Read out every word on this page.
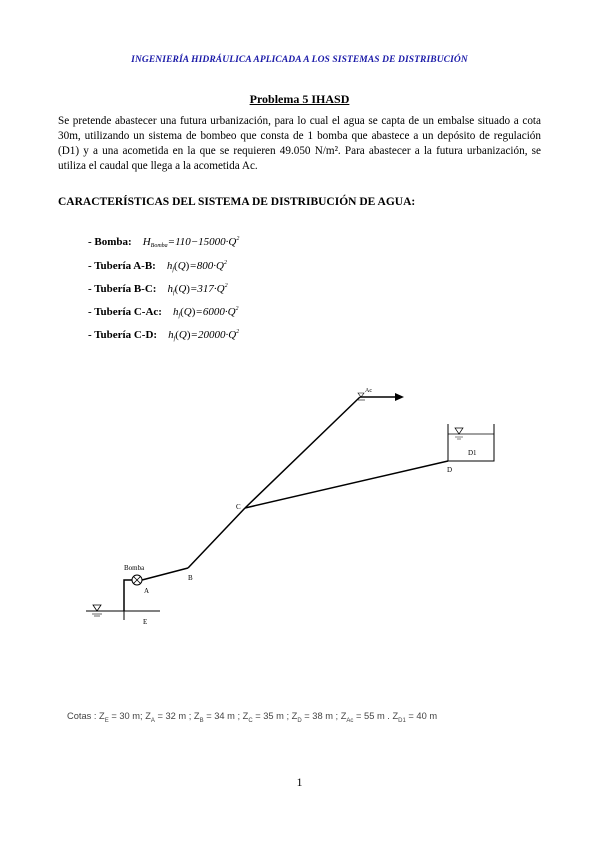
INGENIERÍA HIDRÁULICA APLICADA A LOS SISTEMAS DE DISTRIBUCIÓN
Problema 5 IHASD
Se pretende abastecer una futura urbanización, para lo cual el agua se capta de un embalse situado a cota 30m, utilizando un sistema de bombeo que consta de 1 bomba que abastece a un depósito de regulación (D1) y a una acometida en la que se requieren 49.050 N/m². Para abastecer a la futura urbanización, se utiliza el caudal que llega a la acometida Ac.
CARACTERÍSTICAS DEL SISTEMA DE DISTRIBUCIÓN DE AGUA:
- Bomba: $H_{Bomba}=110-15000\cdot Q^2$
- Tubería A-B: $h_f(Q)=800\cdot Q^2$
- Tubería B-C: $h_f(Q)=317\cdot Q^2$
- Tubería C-Ac: $h_f(Q)=6000\cdot Q^2$
- Tubería C-D: $h_f(Q)=20000\cdot Q^2$
E
Bomba
A
B
C
Ac
D
D1
Cotas : $Z_E = 30$ m; $Z_A = 32$ m ; $Z_B = 34$ m ; $Z_C = 35$ m ; $Z_D = 38$ m ; $Z_{Ac} = 55$ m . $Z_{D1} = 40$ m
1
